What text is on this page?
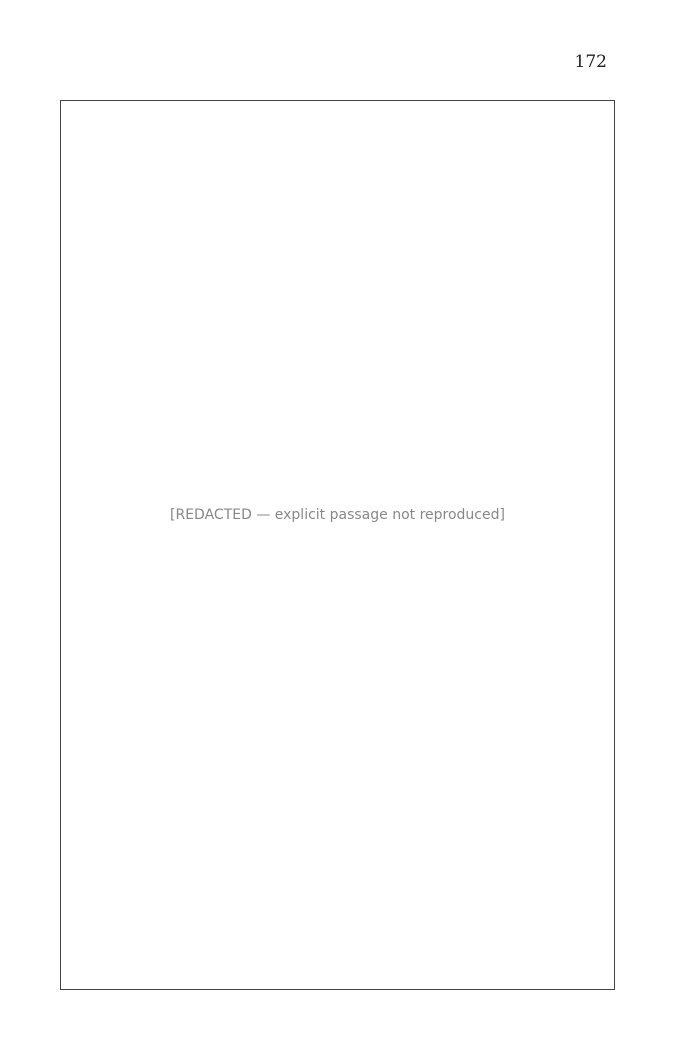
172
[REDACTED — explicit passage not reproduced]
